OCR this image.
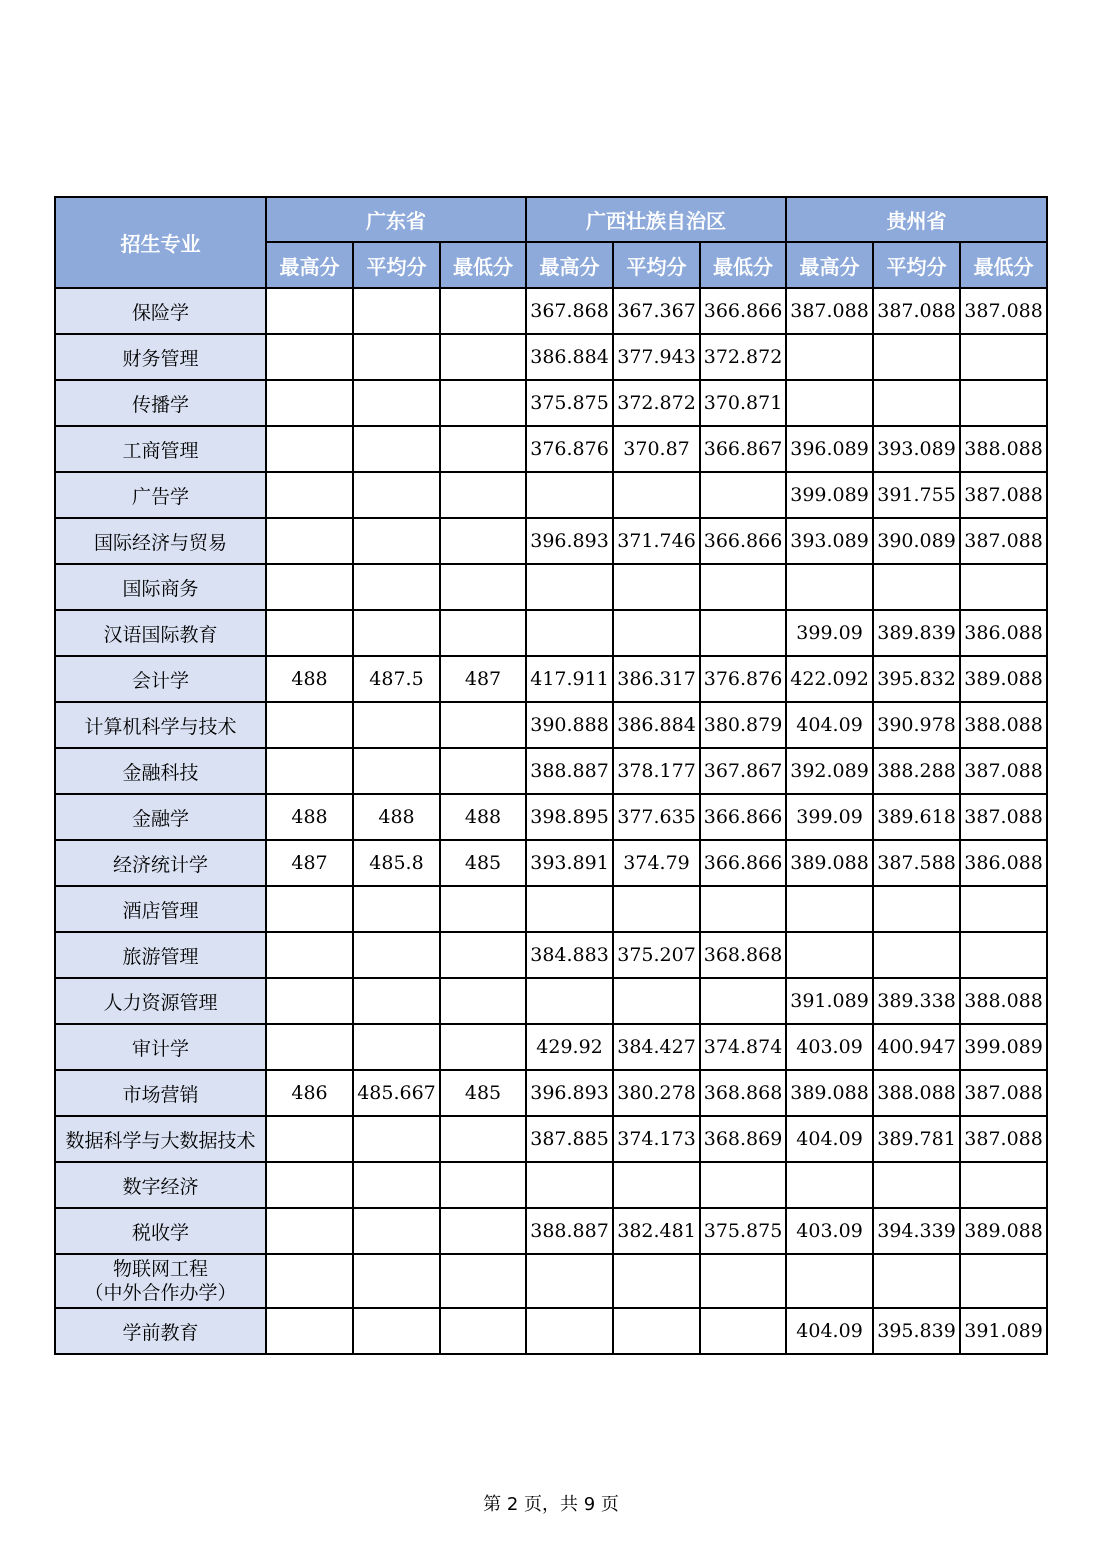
招生专业	广东省			广西壮族自治区			贵州省		
	最高分	平均分	最低分	最高分	平均分	最低分	最高分	平均分	最低分
保险学				367.868	367.367	366.866	387.088	387.088	387.088
财务管理				386.884	377.943	372.872			
传播学				375.875	372.872	370.871			
工商管理				376.876	370.87	366.867	396.089	393.089	388.088
广告学							399.089	391.755	387.088
国际经济与贸易				396.893	371.746	366.866	393.089	390.089	387.088
国际商务									
汉语国际教育							399.09	389.839	386.088
会计学	488	487.5	487	417.911	386.317	376.876	422.092	395.832	389.088
计算机科学与技术				390.888	386.884	380.879	404.09	390.978	388.088
金融科技				388.887	378.177	367.867	392.089	388.288	387.088
金融学	488	488	488	398.895	377.635	366.866	399.09	389.618	387.088
经济统计学	487	485.8	485	393.891	374.79	366.866	389.088	387.588	386.088
酒店管理									
旅游管理				384.883	375.207	368.868			
人力资源管理							391.089	389.338	388.088
审计学				429.92	384.427	374.874	403.09	400.947	399.089
市场营销	486	485.667	485	396.893	380.278	368.868	389.088	388.088	387.088
数据科学与大数据技术				387.885	374.173	368.869	404.09	389.781	387.088
数字经济									
税收学				388.887	382.481	375.875	403.09	394.339	389.088
物联网工程
（中外合作办学）									
学前教育							404.09	395.839	391.089
第 2 页，共 9 页
